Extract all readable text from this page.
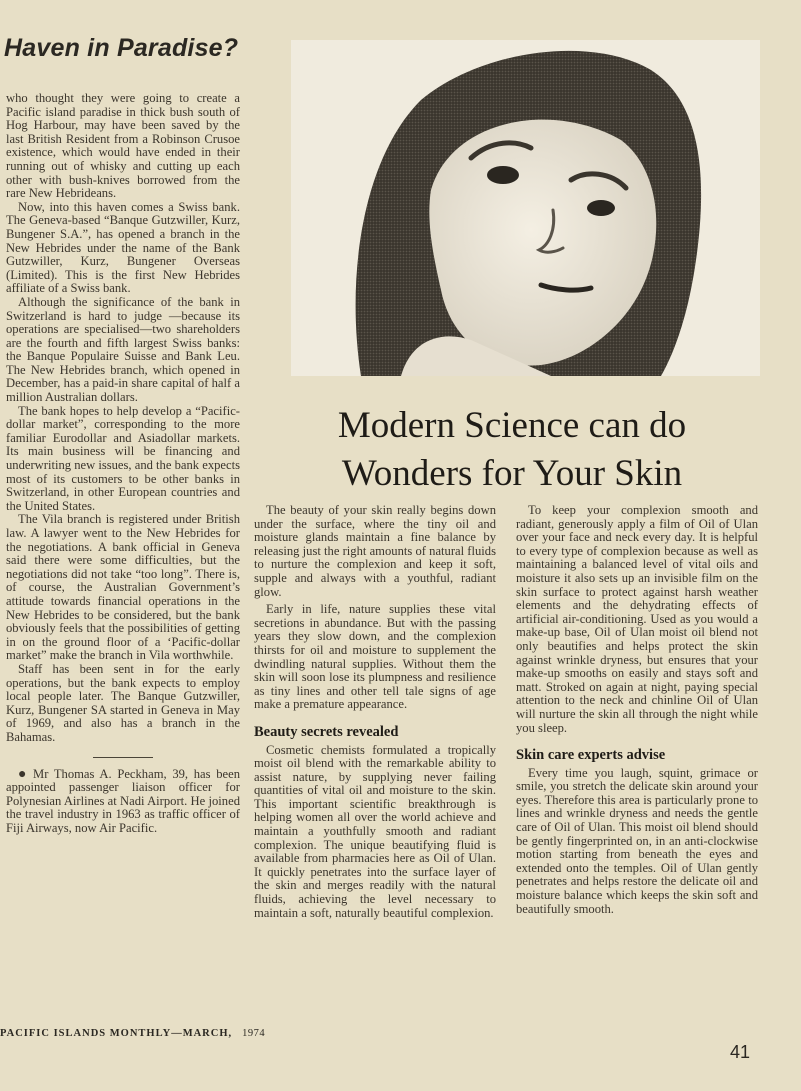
Haven in Paradise?

who thought they were going to create a Pacific island paradise in thick bush south of Hog Harbour, may have been saved by the last British Resident from a Robinson Crusoe existence, which would have ended in their running out of whisky and cutting up each other with bush-knives borrowed from the rare New Hebrideans.

Now, into this haven comes a Swiss bank. The Geneva-based “Banque Gutzwiller, Kurz, Bungener S.A.”, has opened a branch in the New Hebrides under the name of the Bank Gutzwiller, Kurz, Bungener Overseas (Limited). This is the first New Hebrides affiliate of a Swiss bank.

Although the significance of the bank in Switzerland is hard to judge —because its operations are specialised—two shareholders are the fourth and fifth largest Swiss banks: the Banque Populaire Suisse and Bank Leu. The New Hebrides branch, which opened in December, has a paid-in share capital of half a million Australian dollars.

The bank hopes to help develop a “Pacific-dollar market”, corresponding to the more familiar Eurodollar and Asiadollar markets. Its main business will be financing and underwriting new issues, and the bank expects most of its customers to be other banks in Switzerland, in other European countries and the United States.

The Vila branch is registered under British law. A lawyer went to the New Hebrides for the negotiations. A bank official in Geneva said there were some difficulties, but the negotiations did not take “too long”. There is, of course, the Australian Government’s attitude towards financial operations in the New Hebrides to be considered, but the bank obviously feels that the possibilities of getting in on the ground floor of a ‘Pacific-dollar market” make the branch in Vila worthwhile.

Staff has been sent in for the early operations, but the bank expects to employ local people later. The Banque Gutzwiller, Kurz, Bungener SA started in Geneva in May of 1969, and also has a branch in the Bahamas.

● Mr Thomas A. Peckham, 39, has been appointed passenger liaison officer for Polynesian Airlines at Nadi Airport. He joined the travel industry in 1963 as traffic officer of Fiji Airways, now Air Pacific.

Modern Science can do
Wonders for Your Skin

The beauty of your skin really begins down under the surface, where the tiny oil and moisture glands maintain a fine balance by releasing just the right amounts of natural fluids to nurture the complexion and keep it soft, supple and always with a youthful, radiant glow.

Early in life, nature supplies these vital secretions in abundance. But with the passing years they slow down, and the complexion thirsts for oil and moisture to supplement the dwindling natural supplies. Without them the skin will soon lose its plumpness and resilience as tiny lines and other tell tale signs of age make a premature appearance.

Beauty secrets revealed

Cosmetic chemists formulated a tropically moist oil blend with the remarkable ability to assist nature, by supplying never failing quantities of vital oil and moisture to the skin. This important scientific breakthrough is helping women all over the world achieve and maintain a youthfully smooth and radiant complexion. The unique beautifying fluid is available from pharmacies here as Oil of Ulan. It quickly penetrates into the surface layer of the skin and merges readily with the natural fluids, achieving the level necessary to maintain a soft, naturally beautiful complexion.

To keep your complexion smooth and radiant, generously apply a film of Oil of Ulan over your face and neck every day. It is helpful to every type of complexion because as well as maintaining a balanced level of vital oils and moisture it also sets up an invisible film on the skin surface to protect against harsh weather elements and the dehydrating effects of artificial air-conditioning. Used as you would a make-up base, Oil of Ulan moist oil blend not only beautifies and helps protect the skin against wrinkle dryness, but ensures that your make-up smooths on easily and stays soft and matt. Stroked on again at night, paying special attention to the neck and chinline Oil of Ulan will nurture the skin all through the night while you sleep.

Skin care experts advise

Every time you laugh, squint, grimace or smile, you stretch the delicate skin around your eyes. Therefore this area is particularly prone to lines and wrinkle dryness and needs the gentle care of Oil of Ulan. This moist oil blend should be gently fingerprinted on, in an anti-clockwise motion starting from beneath the eyes and extended onto the temples. Oil of Ulan gently penetrates and helps restore the delicate oil and moisture balance which keeps the skin soft and beautifully smooth.

PACIFIC ISLANDS MONTHLY—MARCH, 1974
41
